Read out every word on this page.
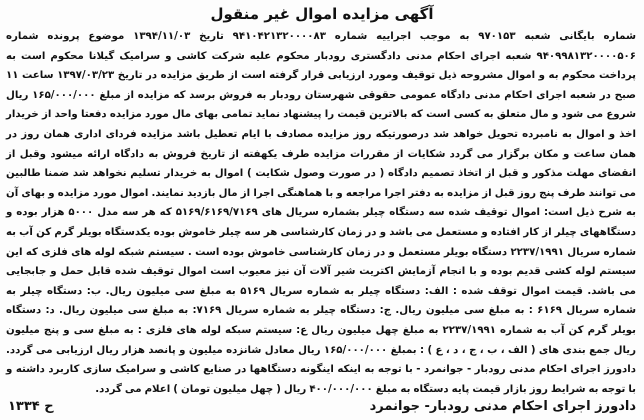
آگهی مزایده اموال غیر منقول

شماره بایگانی شعبه ۹۷۰۱۵۳ به موجب اجراییه شماره ۹۴۱۰۴۲۱۳۲۰۰۰۰۸۳ تاریخ ۱۳۹۴/۱۱/۰۳ موضوع پرونده شماره ۹۴۰۹۹۸۱۳۲۰۰۰۰۵۰۶ شعبه اجرای احکام مدنی دادگستری رودبار محکوم علیه شرکت کاشی و سرامیک گیلانا محکوم است به پرداخت محکوم به و اموال مشروحه ذیل توقیف ومورد ارزیابی قرار گرفته است از طریق مزایده در تاریخ ۱۳۹۷/۰۳/۲۳ ساعت ۱۱ صبح در شعبه اجرای احکام مدنی دادگاه عمومی حقوقی شهرستان رودبار به فروش برسد که مزایده از مبلغ ۱۶۵/۰۰۰/۰۰۰ ریال شروع می شود و مال متعلق به کسی است که بالاترین قیمت را پیشنهاد نماید تمامی بهای مال مورد مزایده دفعتا واحد از خریدار اخذ و اموال به نامبرده تحویل خواهد شد درصورتیکه روز مزایده مصادف با ایام تعطیل باشد مزایده فردای اداری همان روز در همان ساعت و مکان برگزار می گردد شکایات از مقررات مزایده طرف یکهفته از تاریخ فروش به دادگاه ارائه میشود وقبل از انقضای مهلت مذکور و قبل از اتخاذ تصمیم دادگاه ( در صورت وصول شکایت ) اموال به خریدار تسلیم نخواهد شد ضمنا طالبین می توانند طرف پنج روز قبل از مزایده به دفتر اجرا مراجعه و با هماهنگی اجرا از مال بازدید نمایند. اموال مورد مزایده و بهای آن به شرح ذیل است: اموال توقیف شده سه دستگاه چیلر بشماره سریال های ۵۱۶۹/۶۱۶۹/۷۱۶۹ که هر سه مدل ۵۰۰۰ هزار بوده و دستگاههای چیلر از کار افتاده و مستعمل می باشد و در زمان کارشناسی هر سه چیلر خاموش بوده یکدستگاه بویلر گرم کن آب به شماره سریال ۲۲۳۷/۱۹۹۱ دستگاه بویلر مستعمل و در زمان کارشناسی خاموش بوده است . سیستم شبکه لوله های فلزی که این سیستم لوله کشی قدیم بوده و با انجام آزمایش اکتریت شیر آلات آن نیز معیوب است اموال توقیف شده قابل حمل و جابجایی می باشد. قیمت اموال توقف شده : الف: دستگاه چیلر به شماره سریال ۵۱۶۹ به مبلغ سی میلیون ریال. ب: دستگاه چیلر به شماره سریال ۶۱۶۹ : به مبلغ سی میلیون ریال. ج: دستگاه چیلر به شماره سریال ۷۱۶۹: به مبلغ سی میلیون ریال. د: دستگاه بویلر گرم کن آب به شماره ۲۲۳۷/۱۹۹۱ به مبلغ چهل میلیون ریال ع: سیستم سبکه لوله های فلزی : به مبلغ سی و پنج میلیون ریال جمع بندی های ( الف ، ب ، ج ، د ، ع ) : بمبلغ ۱۶۵/۰۰۰/۰۰۰ ریال معادل شانزده میلیون و پانصد هزار ریال ارزیابی می گردد. دادورز اجرای احکام مدنی رودبار - جوانمرد - با توجه به اینکه اینگونه دستگاهها در صنایع کاشی و سرامیک سازی کاربرد داشته و با توجه به شرایط روز بازار قیمت پایه دستگاه به مبلغ ۴۰۰/۰۰۰/۰۰۰ ریال ( چهل میلیون تومان ) اعلام می گردد.

دادورز اجرای احکام مدنی رودبار- جوانمرد
ح ۱۳۳۴
